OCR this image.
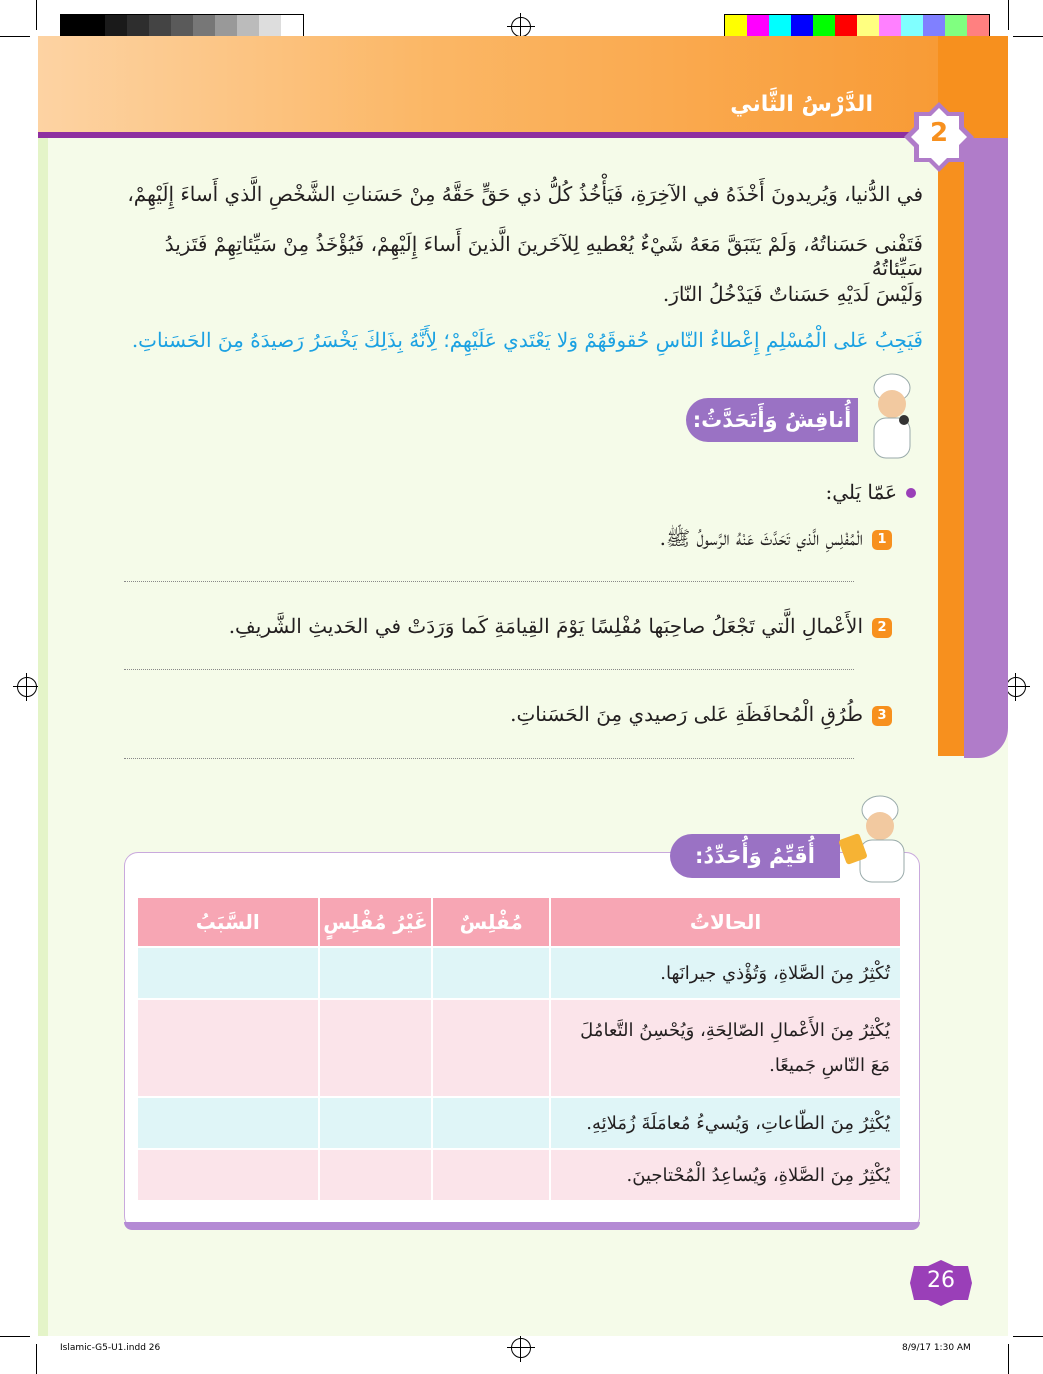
الدَّرْسُ الثَّاني
2
في الدُّنيا، وَيُريدونَ أَخْذَهُ في الآخِرَةِ، فَيَأْخُذُ كُلُّ ذي حَقٍّ حَقَّهُ مِنْ حَسَناتِ الشَّخْصِ الَّذي أَساءَ إِلَيْهِمْ،
فَتَفْنى حَسَناتُهُ، وَلَمْ يَتَبَقَّ مَعَهُ شَيْءٌ يُعْطيهِ لِلآخَرينَ الَّذينَ أَساءَ إِلَيْهِمْ، فَيُؤْخَذُ مِنْ سَيِّئاتِهِمْ فَتَزيدُ سَيِّئاتُهُ
وَلَيْسَ لَدَيْهِ حَسَناتٌ فَيَدْخُلُ النّارَ.
فَيَجِبُ عَلى الْمُسْلِمِ إِعْطاءُ النّاسِ حُقوقَهُمْ وَلا يَعْتَدي عَلَيْهِمْ؛ لِأَنَّهُ بِذَلِكَ يَخْسَرُ رَصيدَهُ مِنَ الحَسَناتِ.
أُناقِشُ وَأَتَحَدَّثُ:
عَمّا يَلي:
1
الْمُفْلِسِ الَّذي تَحَدَّثَ عَنْهُ الرَّسولُ ﷺ.
2
الأَعْمالِ الَّتي تَجْعَلُ صاحِبَها مُفْلِسًا يَوْمَ القِيامَةِ كَما وَرَدَتْ في الحَديثِ الشَّريفِ.
3
طُرُقِ الْمُحافَظَةِ عَلى رَصيدي مِنَ الحَسَناتِ.
أُقَيِّمُ وَأُحَدِّدُ:
الحالاتُ	مُفْلِسٌ	غَيْرُ مُفْلِسٍ	السَّبَبُ
تُكْثِرُ مِنَ الصَّلاةِ، وَتُؤْذي جيرانَها.			

يُكْثِرُ مِنَ الأَعْمالِ الصّالِحَةِ، وَيُحْسِنُ التَّعامُلَ
مَعَ النّاسِ جَميعًا.			

يُكْثِرُ مِنَ الطّاعاتِ، وَيُسيءُ مُعامَلَةَ زُمَلائِهِ.			
يُكْثِرُ مِنَ الصَّلاةِ، وَيُساعِدُ الْمُحْتاجينَ.			
26
Islamic-G5-U1.indd 26	8/9/17 1:30 AM
